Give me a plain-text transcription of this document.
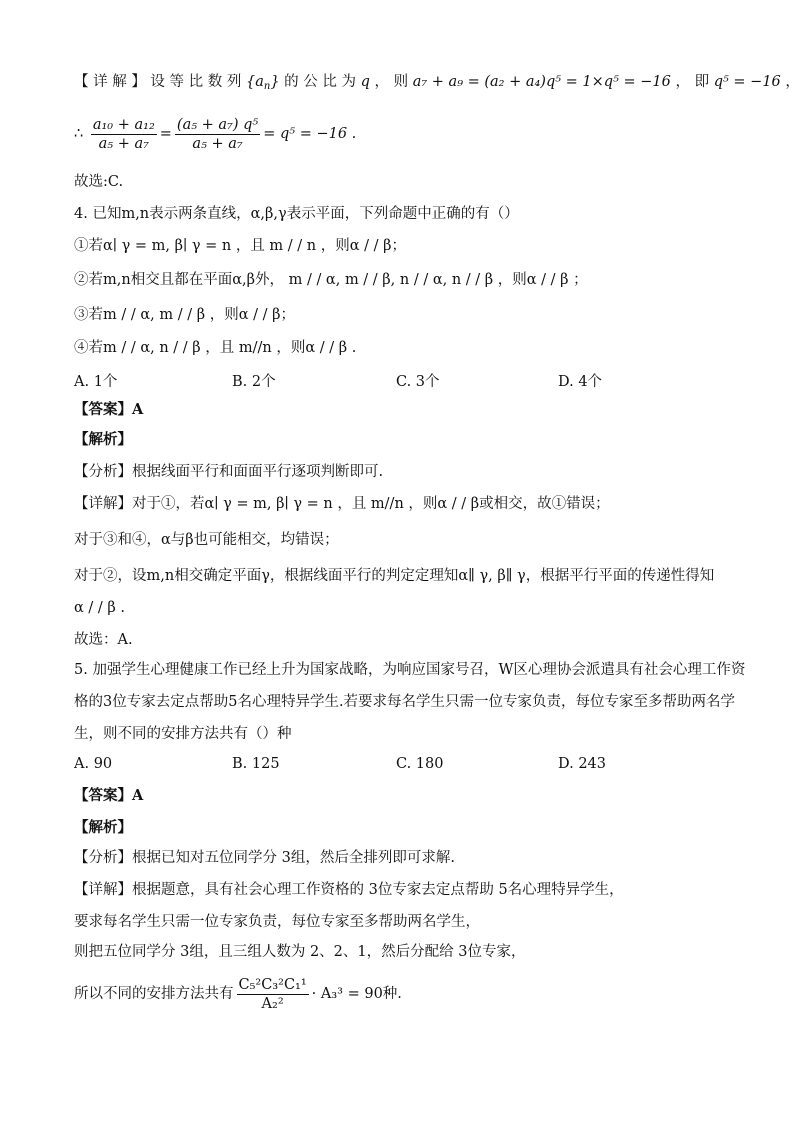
【 详 解 】 设 等 比 数 列 $\{a_n\}$ 的 公 比 为 q ， 则 a₇ + a₉ = (a₂ + a₄)q⁵ = 1×q⁵ = −16 ， 即 q⁵ = −16 ，
∴ $\frac{\text{a₁₀ + a₁₂}}{\text{a₅ + a₇}} = \frac{\text{(a₅ + a₇) q⁵}}{\text{a₅ + a₇}} = q^5 = -16$ .
故选:C.
4. 已知m,n表示两条直线，α,β,γ表示平面，下列命题中正确的有（）
①若α∣ γ = m, β∣ γ = n ，且 m / / n ，则α / / β；
②若m,n相交且都在平面α,β外， m / / α, m / / β, n / / α, n / / β ，则α / / β ；
③若m / / α, m / / β ，则α / / β；
④若m / / α, n / / β ，且 m//n ，则α / / β .
A. 1个	B. 2个	C. 3个	D. 4个
【答案】A
【解析】
【分析】根据线面平行和面面平行逐项判断即可.
【详解】对于①，若α∣ γ = m, β∣ γ = n ，且 m//n ，则α / / β或相交，故①错误；
对于③和④，α与β也可能相交，均错误；
对于②，设m,n相交确定平面γ，根据线面平行的判定定理知α∥ γ, β∥ γ，根据平行平面的传递性得知
α / / β .
故选：A.
5. 加强学生心理健康工作已经上升为国家战略，为响应国家号召，W区心理协会派遣具有社会心理工作资
格的3位专家去定点帮助5名心理特异学生.若要求每名学生只需一位专家负责，每位专家至多帮助两名学
生，则不同的安排方法共有（）种
A. 90	B. 125	C. 180	D. 243
【答案】A
【解析】
【分析】根据已知对五位同学分 3组，然后全排列即可求解.
【详解】根据题意，具有社会心理工作资格的 3位专家去定点帮助 5名心理特异学生，
要求每名学生只需一位专家负责，每位专家至多帮助两名学生，
则把五位同学分 3组，且三组人数为 2、2、1，然后分配给 3位专家，
所以不同的安排方法共有 $\frac{\text{C₅²C₃²C₁¹}}{\text{A₂²}} \cdot A_3^3 = 90$种.
